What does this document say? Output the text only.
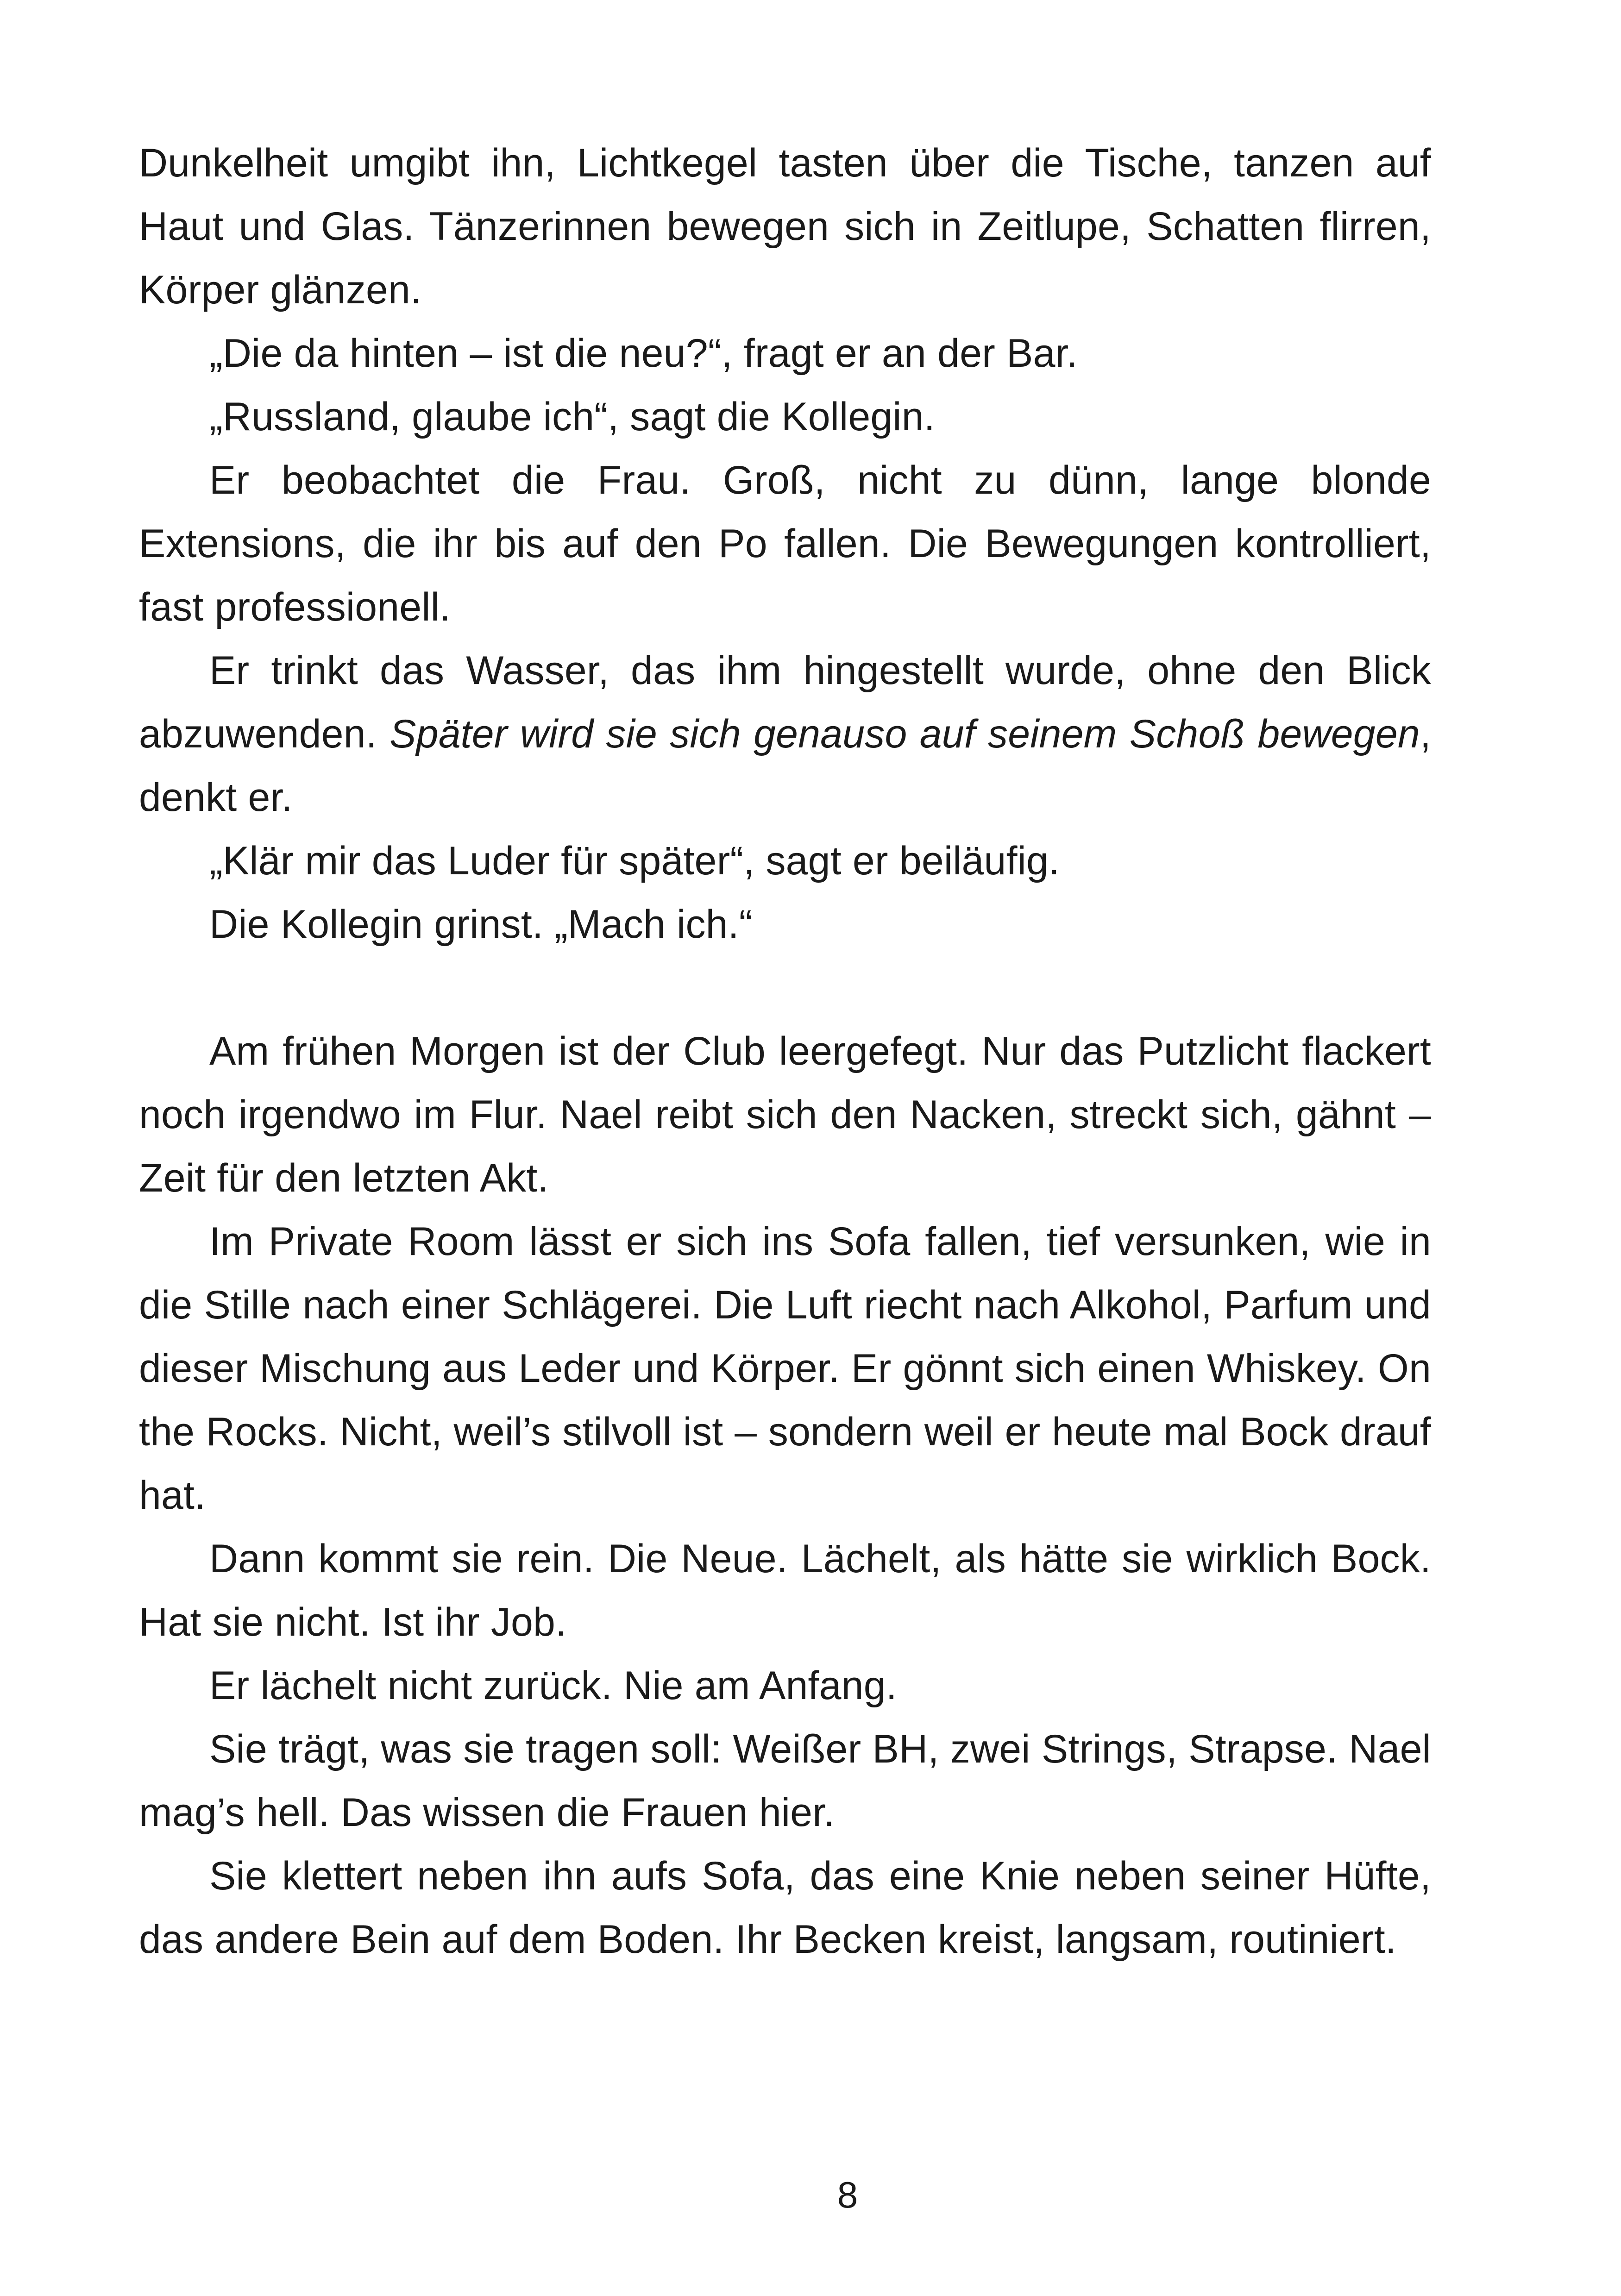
Dunkelheit umgibt ihn, Lichtkegel tasten über die Tische, tanzen auf Haut und Glas. Tänzerinnen bewegen sich in Zeitlupe, Schatten flirren, Körper glänzen.

„Die da hinten – ist die neu?“, fragt er an der Bar.

„Russland, glaube ich“, sagt die Kollegin.

Er beobachtet die Frau. Groß, nicht zu dünn, lange blonde Extensions, die ihr bis auf den Po fallen. Die Bewegungen kontrolliert, fast professionell.

Er trinkt das Wasser, das ihm hingestellt wurde, ohne den Blick abzuwenden. Später wird sie sich genauso auf seinem Schoß bewegen, denkt er.

„Klär mir das Luder für später“, sagt er beiläufig.

Die Kollegin grinst. „Mach ich.“

Am frühen Morgen ist der Club leergefegt. Nur das Putzlicht flackert noch irgendwo im Flur. Nael reibt sich den Nacken, streckt sich, gähnt – Zeit für den letzten Akt.

Im Private Room lässt er sich ins Sofa fallen, tief versunken, wie in die Stille nach einer Schlägerei. Die Luft riecht nach Alkohol, Parfum und dieser Mischung aus Leder und Körper. Er gönnt sich einen Whiskey. On the Rocks. Nicht, weil’s stilvoll ist – sondern weil er heute mal Bock drauf hat.

Dann kommt sie rein. Die Neue. Lächelt, als hätte sie wirklich Bock. Hat sie nicht. Ist ihr Job.

Er lächelt nicht zurück. Nie am Anfang.

Sie trägt, was sie tragen soll: Weißer BH, zwei Strings, Strapse. Nael mag’s hell. Das wissen die Frauen hier.

Sie klettert neben ihn aufs Sofa, das eine Knie neben seiner Hüfte, das andere Bein auf dem Boden. Ihr Becken kreist, langsam, routiniert.

8
